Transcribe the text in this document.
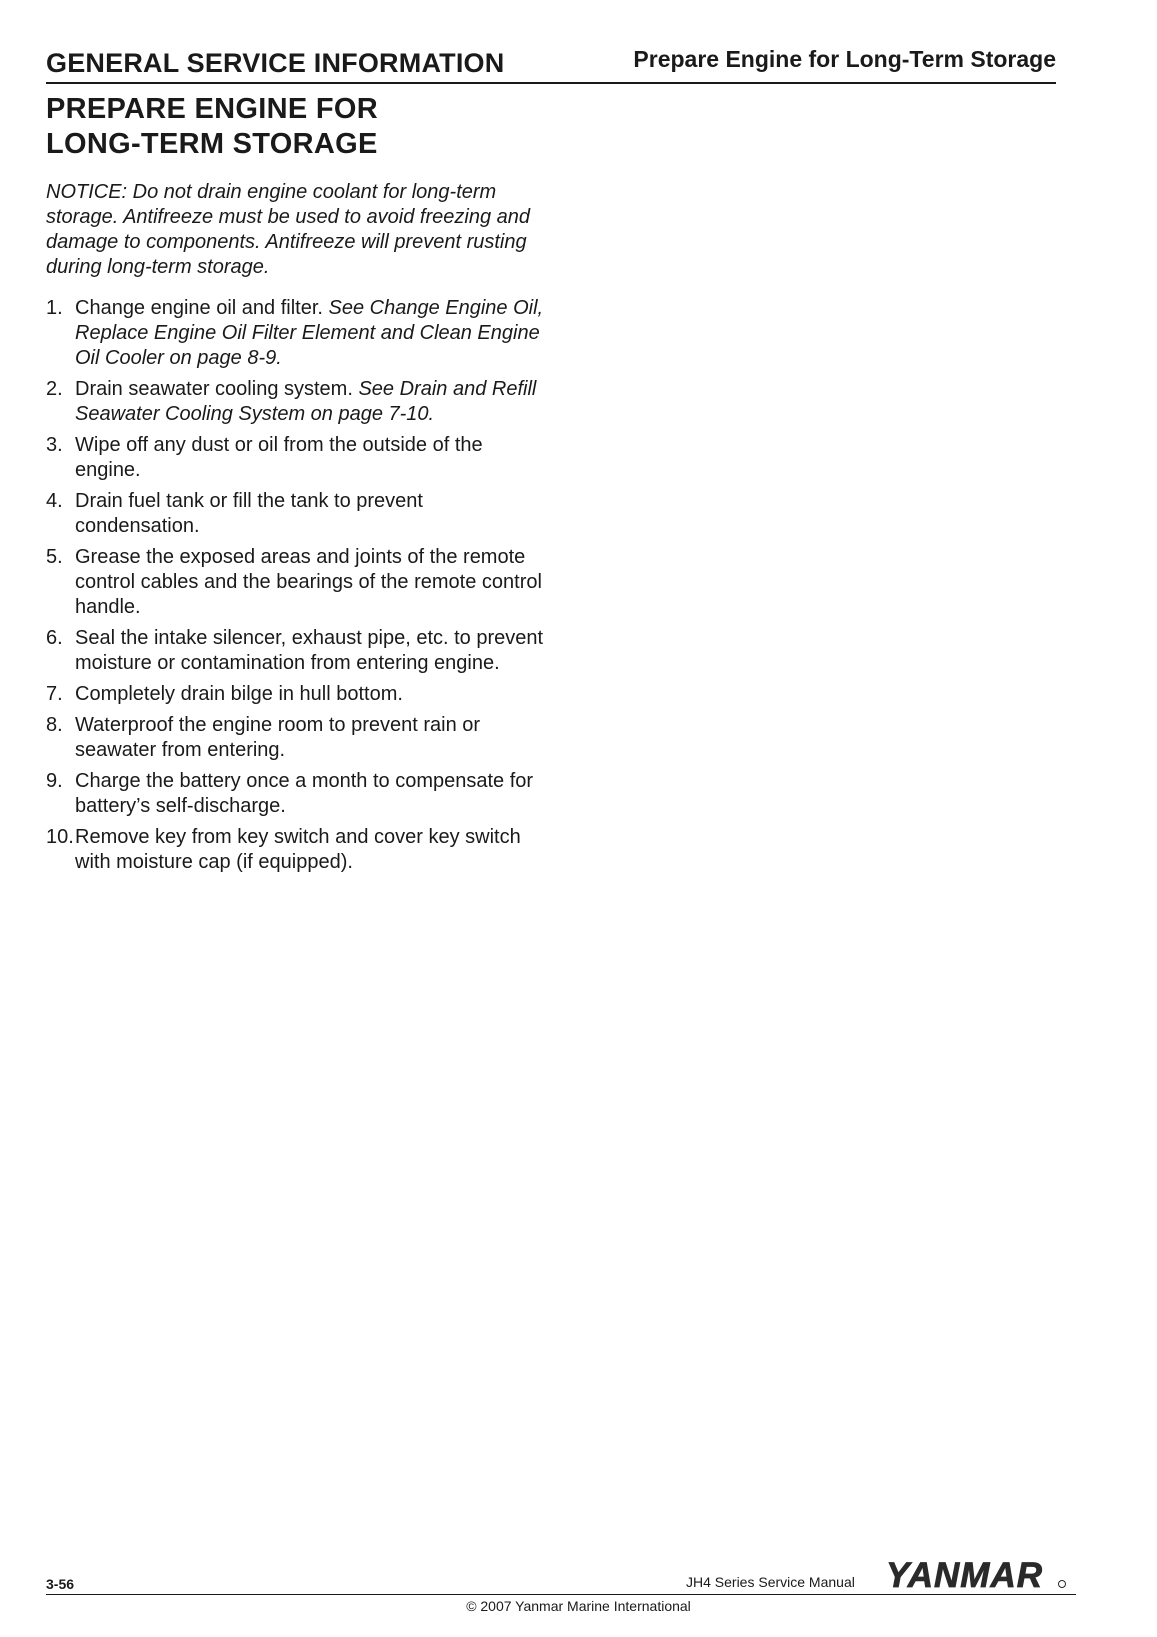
GENERAL SERVICE INFORMATION	Prepare Engine for Long-Term Storage
PREPARE ENGINE FOR
LONG-TERM STORAGE

NOTICE: Do not drain engine coolant for long-term storage. Antifreeze must be used to avoid freezing and damage to components. Antifreeze will prevent rusting during long-term storage.

1. Change engine oil and filter. See Change Engine Oil, Replace Engine Oil Filter Element and Clean Engine Oil Cooler on page 8-9.
2. Drain seawater cooling system. See Drain and Refill Seawater Cooling System on page 7-10.
3. Wipe off any dust or oil from the outside of the engine.
4. Drain fuel tank or fill the tank to prevent condensation.
5. Grease the exposed areas and joints of the remote control cables and the bearings of the remote control handle.
6. Seal the intake silencer, exhaust pipe, etc. to prevent moisture or contamination from entering engine.
7. Completely drain bilge in hull bottom.
8. Waterproof the engine room to prevent rain or seawater from entering.
9. Charge the battery once a month to compensate for battery’s self-discharge.
10. Remove key from key switch and cover key switch with moisture cap (if equipped).
3-56	JH4 Series Service Manual YANMAR
© 2007 Yanmar Marine International
